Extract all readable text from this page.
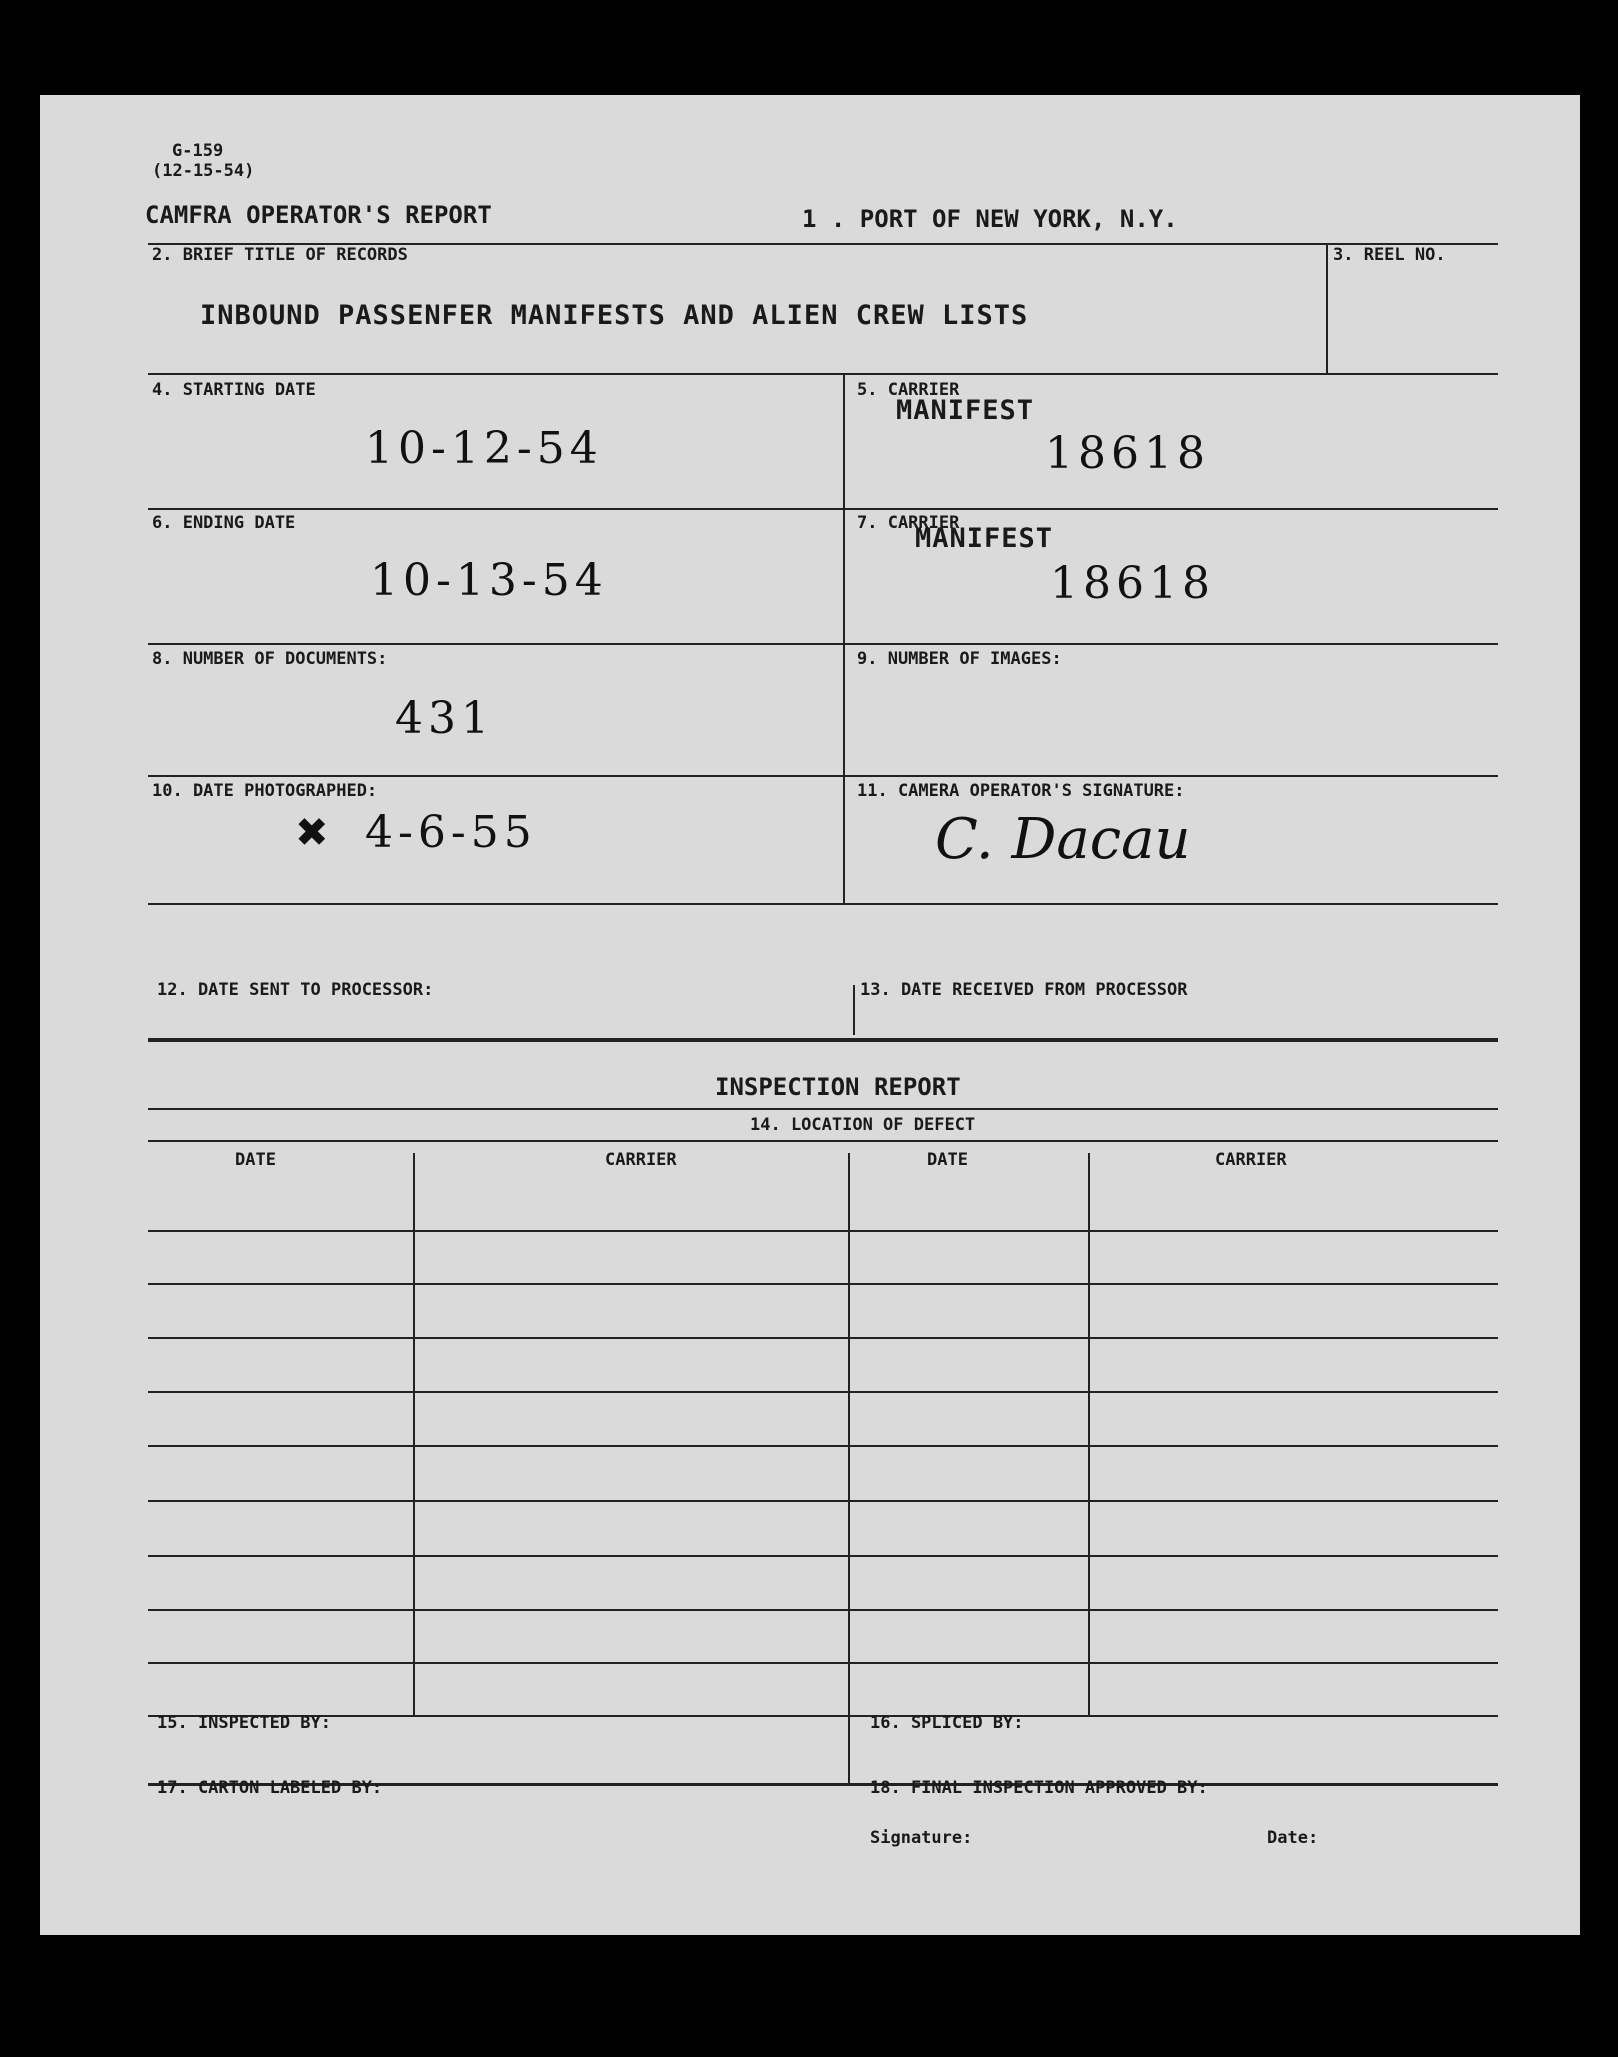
G-159
(12-15-54)
CAMFRA OPERATOR'S REPORT	1 . PORT OF NEW YORK, N.Y.
2. BRIEF TITLE OF RECORDS
INBOUND PASSENFER MANIFESTS AND ALIEN CREW LISTS
3. REEL NO.
4. STARTING DATE
10-12-54
5. CARRIER
MANIFEST
18618
6. ENDING DATE
10-13-54
7. CARRIER
MANIFEST
18618
8. NUMBER OF DOCUMENTS:
431
9. NUMBER OF IMAGES:
10. DATE PHOTOGRAPHED:
✖ 4-6-55
11. CAMERA OPERATOR'S SIGNATURE:
C. Dacau
12. DATE SENT TO PROCESSOR:	13. DATE RECEIVED FROM PROCESSOR
INSPECTION REPORT
14. LOCATION OF DEFECT
DATE	CARRIER	DATE	CARRIER
15. INSPECTED BY:	16. SPLICED BY:
17. CARTON LABELED BY:	18. FINAL INSPECTION APPROVED BY:
Signature:	Date:
